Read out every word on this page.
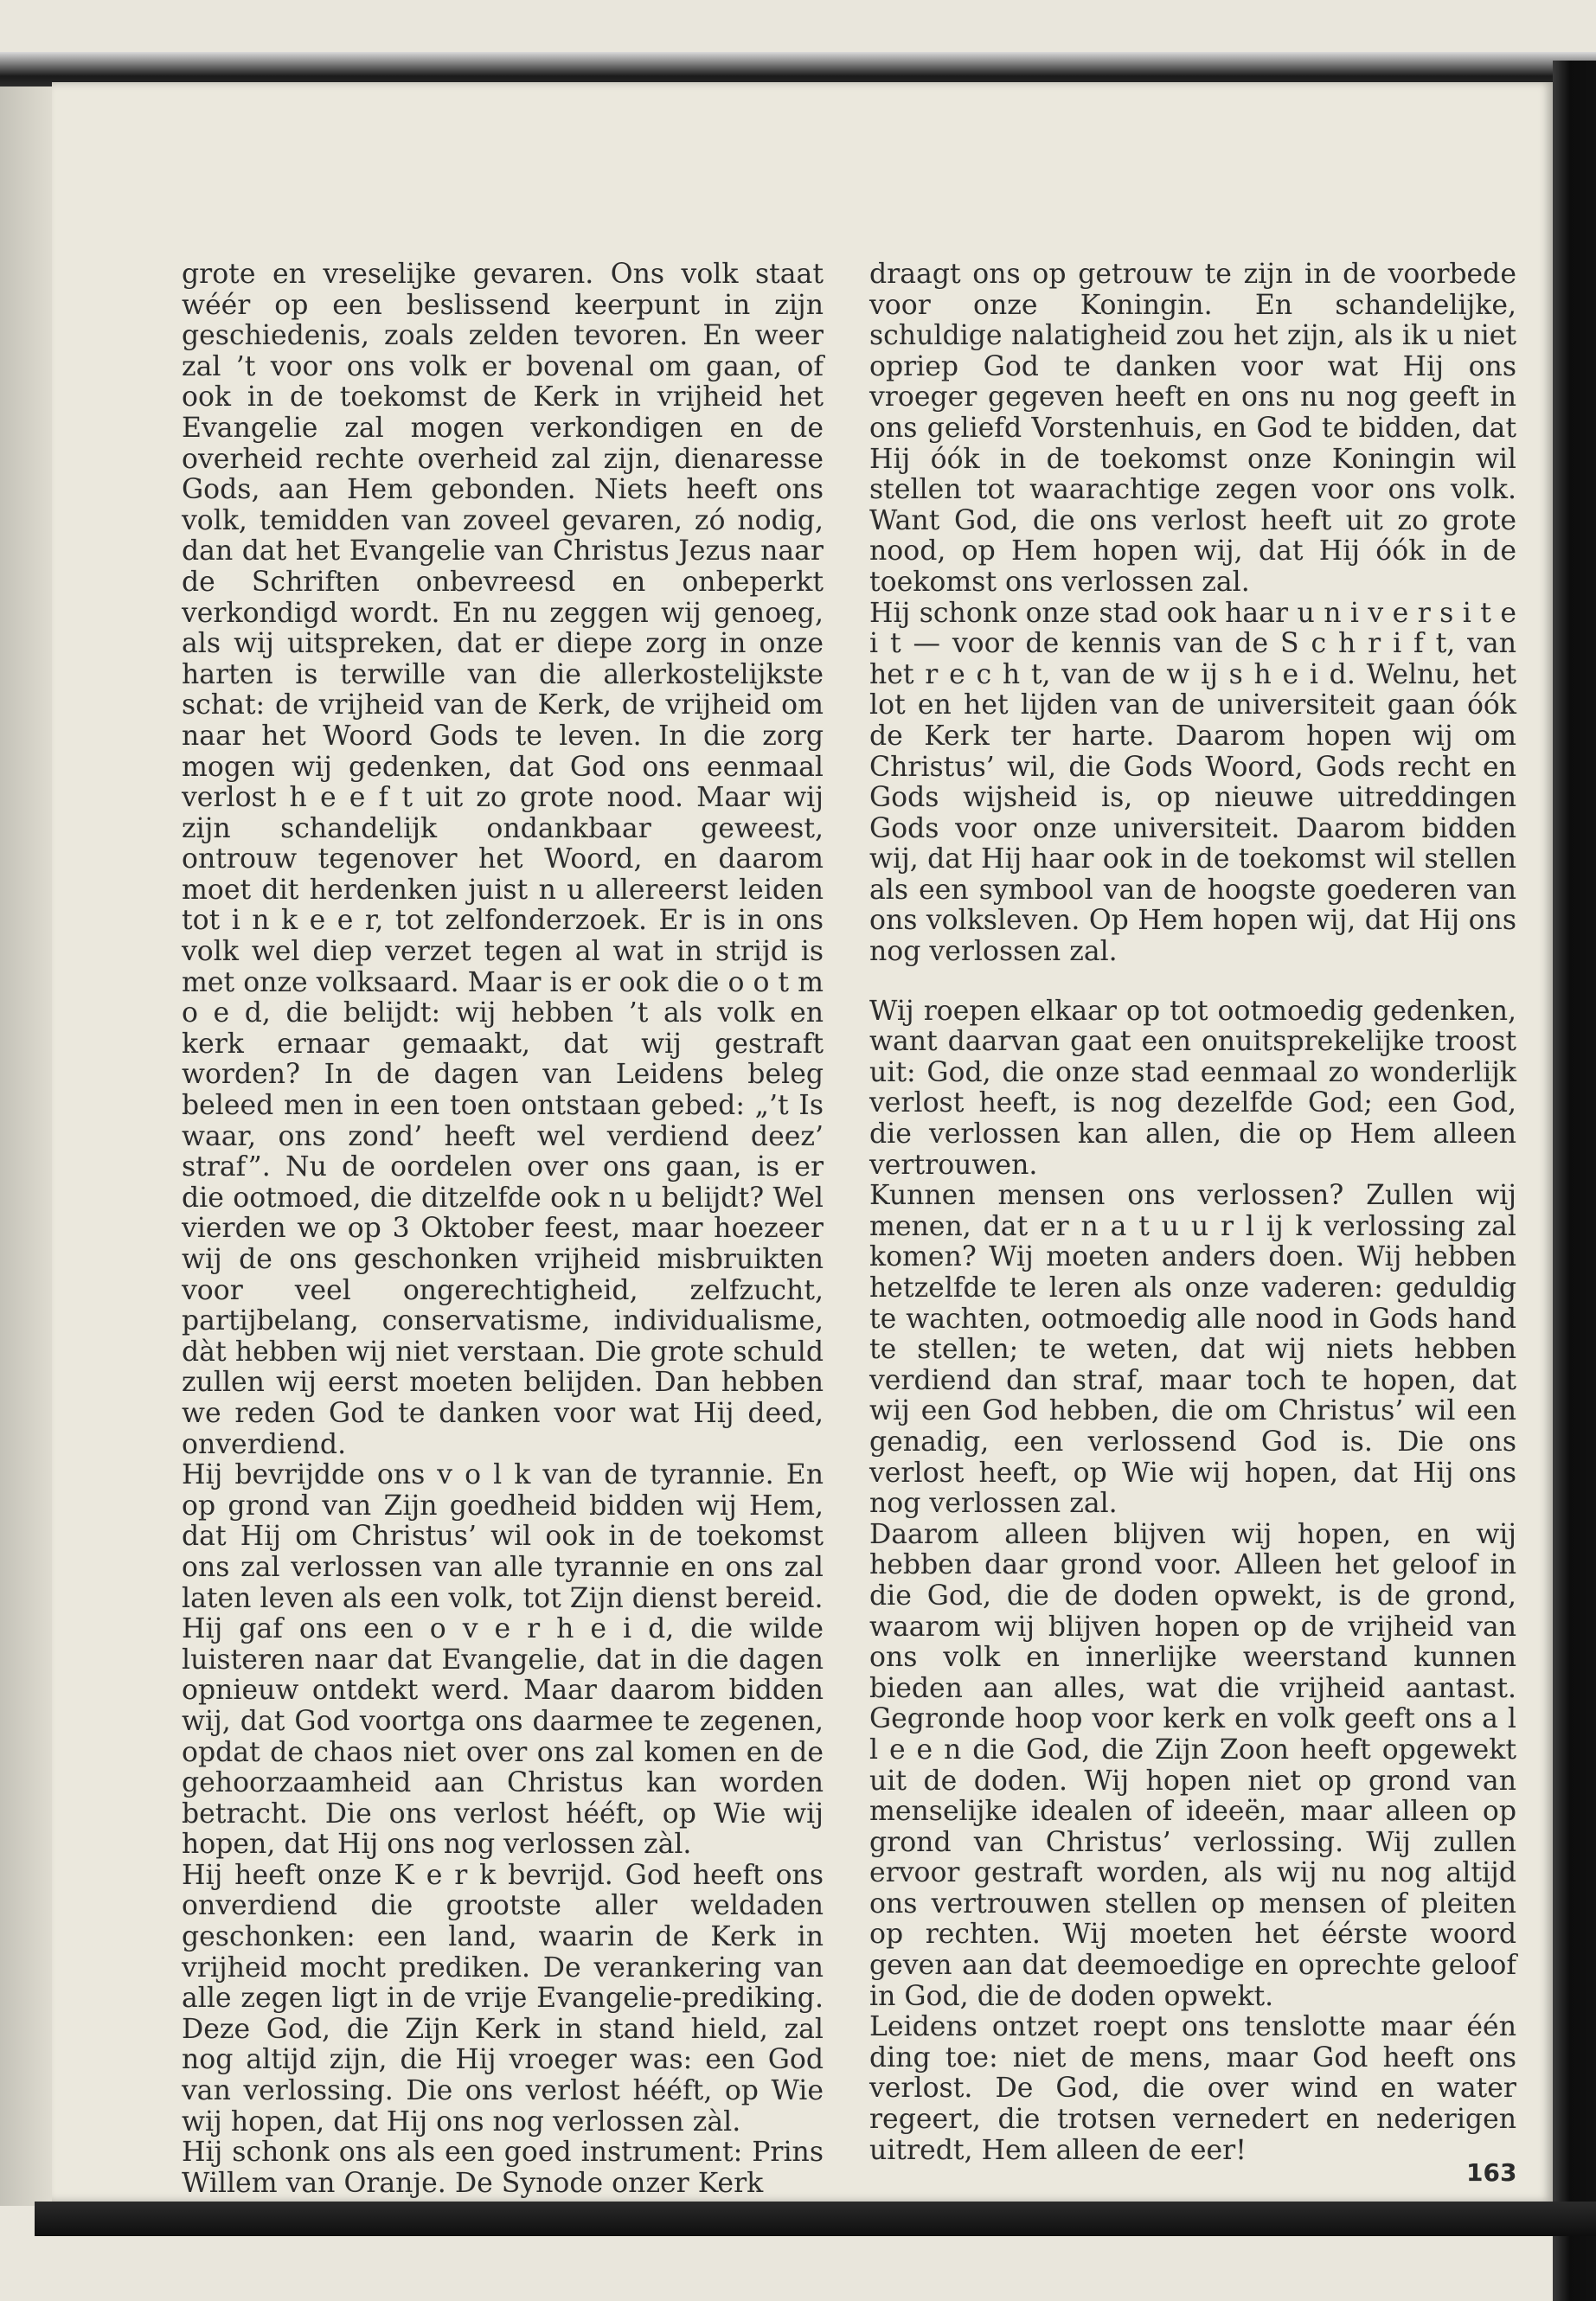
grote en vreselijke gevaren. Ons volk staat wéér op een beslissend keerpunt in zijn geschiedenis, zoals zelden tevoren. En weer zal ’t voor ons volk er bovenal om gaan, of ook in de toekomst de Kerk in vrijheid het Evangelie zal mogen verkondigen en de overheid rechte overheid zal zijn, dienaresse Gods, aan Hem gebonden. Niets heeft ons volk, temidden van zoveel gevaren, zó nodig, dan dat het Evangelie van Christus Jezus naar de Schriften onbevreesd en onbeperkt verkondigd wordt. En nu zeggen wij genoeg, als wij uitspreken, dat er diepe zorg in onze harten is terwille van die allerkostelijkste schat: de vrijheid van de Kerk, de vrijheid om naar het Woord Gods te leven. In die zorg mogen wij gedenken, dat God ons eenmaal verlost h e e f t uit zo grote nood. Maar wij zijn schandelijk ondankbaar geweest, ontrouw tegenover het Woord, en daarom moet dit herdenken juist n u allereerst leiden tot i n k e e r, tot zelfonderzoek. Er is in ons volk wel diep verzet tegen al wat in strijd is met onze volksaard. Maar is er ook die o o t m o e d, die belijdt: wij hebben ’t als volk en kerk ernaar gemaakt, dat wij gestraft worden? In de dagen van Leidens beleg beleed men in een toen ontstaan gebed: „’t Is waar, ons zond’ heeft wel verdiend deez’ straf”. Nu de oordelen over ons gaan, is er die ootmoed, die ditzelfde ook n u belijdt? Wel vierden we op 3 Oktober feest, maar hoezeer wij de ons geschonken vrijheid misbruikten voor veel ongerechtigheid, zelfzucht, partijbelang, conservatisme, individualisme, dàt hebben wij niet verstaan. Die grote schuld zullen wij eerst moeten belijden. Dan hebben we reden God te danken voor wat Hij deed, onverdiend.

Hij bevrijdde ons v o l k van de tyrannie. En op grond van Zijn goedheid bidden wij Hem, dat Hij om Christus’ wil ook in de toekomst ons zal verlossen van alle tyrannie en ons zal laten leven als een volk, tot Zijn dienst bereid.

Hij gaf ons een o v e r h e i d, die wilde luisteren naar dat Evangelie, dat in die dagen opnieuw ontdekt werd. Maar daarom bidden wij, dat God voortga ons daarmee te zegenen, opdat de chaos niet over ons zal komen en de gehoorzaamheid aan Christus kan worden betracht. Die ons verlost hééft, op Wie wij hopen, dat Hij ons nog verlossen zàl.

Hij heeft onze K e r k bevrijd. God heeft ons onverdiend die grootste aller weldaden geschonken: een land, waarin de Kerk in vrijheid mocht prediken. De verankering van alle zegen ligt in de vrije Evangelie-prediking. Deze God, die Zijn Kerk in stand hield, zal nog altijd zijn, die Hij vroeger was: een God van verlossing. Die ons verlost hééft, op Wie wij hopen, dat Hij ons nog verlossen zàl.

Hij schonk ons als een goed instrument: Prins Willem van Oranje. De Synode onzer Kerk

draagt ons op getrouw te zijn in de voorbede voor onze Koningin. En schandelijke, schuldige nalatigheid zou het zijn, als ik u niet opriep God te danken voor wat Hij ons vroeger gegeven heeft en ons nu nog geeft in ons geliefd Vorstenhuis, en God te bidden, dat Hij óók in de toekomst onze Koningin wil stellen tot waarachtige zegen voor ons volk. Want God, die ons verlost heeft uit zo grote nood, op Hem hopen wij, dat Hij óók in de toekomst ons verlossen zal.

Hij schonk onze stad ook haar u n i v e r s i t e i t — voor de kennis van de S c h r i f t, van het r e c h t, van de w ij s h e i d. Welnu, het lot en het lijden van de universiteit gaan óók de Kerk ter harte. Daarom hopen wij om Christus’ wil, die Gods Woord, Gods recht en Gods wijsheid is, op nieuwe uitreddingen Gods voor onze universiteit. Daarom bidden wij, dat Hij haar ook in de toekomst wil stellen als een symbool van de hoogste goederen van ons volksleven. Op Hem hopen wij, dat Hij ons nog verlossen zal.

Wij roepen elkaar op tot ootmoedig gedenken, want daarvan gaat een onuitsprekelijke troost uit: God, die onze stad eenmaal zo wonderlijk verlost heeft, is nog dezelfde God; een God, die verlossen kan allen, die op Hem alleen vertrouwen.

Kunnen mensen ons verlossen? Zullen wij menen, dat er n a t u u r l ij k verlossing zal komen? Wij moeten anders doen. Wij hebben hetzelfde te leren als onze vaderen: geduldig te wachten, ootmoedig alle nood in Gods hand te stellen; te weten, dat wij niets hebben verdiend dan straf, maar toch te hopen, dat wij een God hebben, die om Christus’ wil een genadig, een verlossend God is. Die ons verlost heeft, op Wie wij hopen, dat Hij ons nog verlossen zal.

Daarom alleen blijven wij hopen, en wij hebben daar grond voor. Alleen het geloof in die God, die de doden opwekt, is de grond, waarom wij blijven hopen op de vrijheid van ons volk en innerlijke weerstand kunnen bieden aan alles, wat die vrijheid aantast. Gegronde hoop voor kerk en volk geeft ons a l l e e n die God, die Zijn Zoon heeft opgewekt uit de doden. Wij hopen niet op grond van menselijke idealen of ideeën, maar alleen op grond van Christus’ verlossing. Wij zullen ervoor gestraft worden, als wij nu nog altijd ons vertrouwen stellen op mensen of pleiten op rechten. Wij moeten het éérste woord geven aan dat deemoedige en oprechte geloof in God, die de doden opwekt.

Leidens ontzet roept ons tenslotte maar één ding toe: niet de mens, maar God heeft ons verlost. De God, die over wind en water regeert, die trotsen vernedert en nederigen uitredt, Hem alleen de eer!

163
